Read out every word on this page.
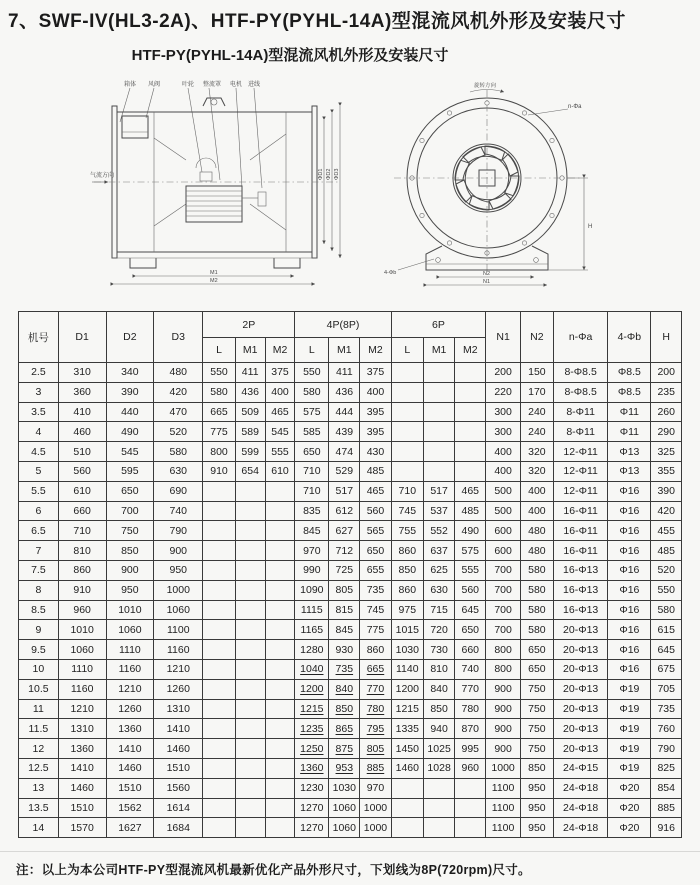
7、SWF-IV(HL3-2A)、HTF-PY(PYHL-14A)型混流风机外形及安装尺寸
HTF-PY(PYHL-14A)型混流风机外形及安装尺寸
箱体 风阀	叶轮 整流罩 电机 进线
气流方向	ΦD1 ΦD2 ΦD3
M1
M2
旋转方向
n-Φa
H
N2
N1
4-Φb
机号	D1	D2	D3	2P			4P(8P)			6P			N1	N2	n-Φa	4-Φb	H
				L	M1	M2	L	M1	M2	L	M1	M2					
2.5	310	340	480	550	411	375	550	411	375				200	150	8-Φ8.5	Φ8.5	200
3	360	390	420	580	436	400	580	436	400				220	170	8-Φ8.5	Φ8.5	235
3.5	410	440	470	665	509	465	575	444	395				300	240	8-Φ11	Φ11	260
4	460	490	520	775	589	545	585	439	395				300	240	8-Φ11	Φ11	290
4.5	510	545	580	800	599	555	650	474	430				400	320	12-Φ11	Φ13	325
5	560	595	630	910	654	610	710	529	485				400	320	12-Φ11	Φ13	355
5.5	610	650	690				710	517	465	710	517	465	500	400	12-Φ11	Φ16	390
6	660	700	740				835	612	560	745	537	485	500	400	16-Φ11	Φ16	420
6.5	710	750	790				845	627	565	755	552	490	600	480	16-Φ11	Φ16	455
7	810	850	900				970	712	650	860	637	575	600	480	16-Φ11	Φ16	485
7.5	860	900	950				990	725	655	850	625	555	700	580	16-Φ13	Φ16	520
8	910	950	1000				1090	805	735	860	630	560	700	580	16-Φ13	Φ16	550
8.5	960	1010	1060				1115	815	745	975	715	645	700	580	16-Φ13	Φ16	580
9	1010	1060	1100				1165	845	775	1015	720	650	700	580	20-Φ13	Φ16	615
9.5	1060	1110	1160				1280	930	860	1030	730	660	800	650	20-Φ13	Φ16	645
10	1110	1160	1210				1040	735	665	1140	810	740	800	650	20-Φ13	Φ16	675
10.5	1160	1210	1260				1200	840	770	1200	840	770	900	750	20-Φ13	Φ19	705
11	1210	1260	1310				1215	850	780	1215	850	780	900	750	20-Φ13	Φ19	735
11.5	1310	1360	1410				1235	865	795	1335	940	870	900	750	20-Φ13	Φ19	760
12	1360	1410	1460				1250	875	805	1450	1025	995	900	750	20-Φ13	Φ19	790
12.5	1410	1460	1510				1360	953	885	1460	1028	960	1000	850	24-Φ15	Φ19	825
13	1460	1510	1560				1230	1030	970				1100	950	24-Φ18	Φ20	854
13.5	1510	1562	1614				1270	1060	1000				1100	950	24-Φ18	Φ20	885
14	1570	1627	1684				1270	1060	1000				1100	950	24-Φ18	Φ20	916
注：以上为本公司HTF-PY型混流风机最新优化产品外形尺寸，下划线为8P(720rpm)尺寸。
